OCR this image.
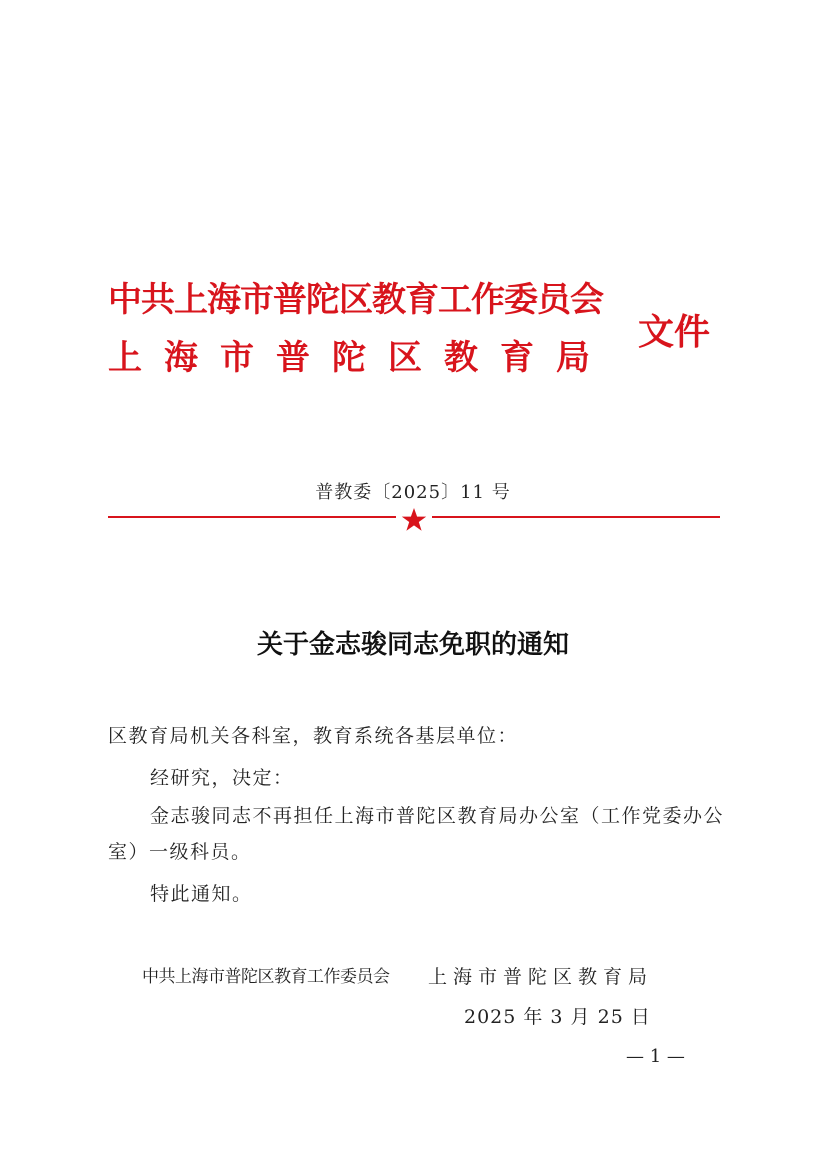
中共上海市普陀区教育工作委员会
上海市普陀区教育局
文件
普教委〔2025〕11 号
关于金志骏同志免职的通知
区教育局机关各科室，教育系统各基层单位：
经研究，决定：
金志骏同志不再担任上海市普陀区教育局办公室（工作党委办公室）一级科员。
特此通知。
中共上海市普陀区教育工作委员会 上海市普陀区教育局
2025 年 3 月 25 日
— 1 —
